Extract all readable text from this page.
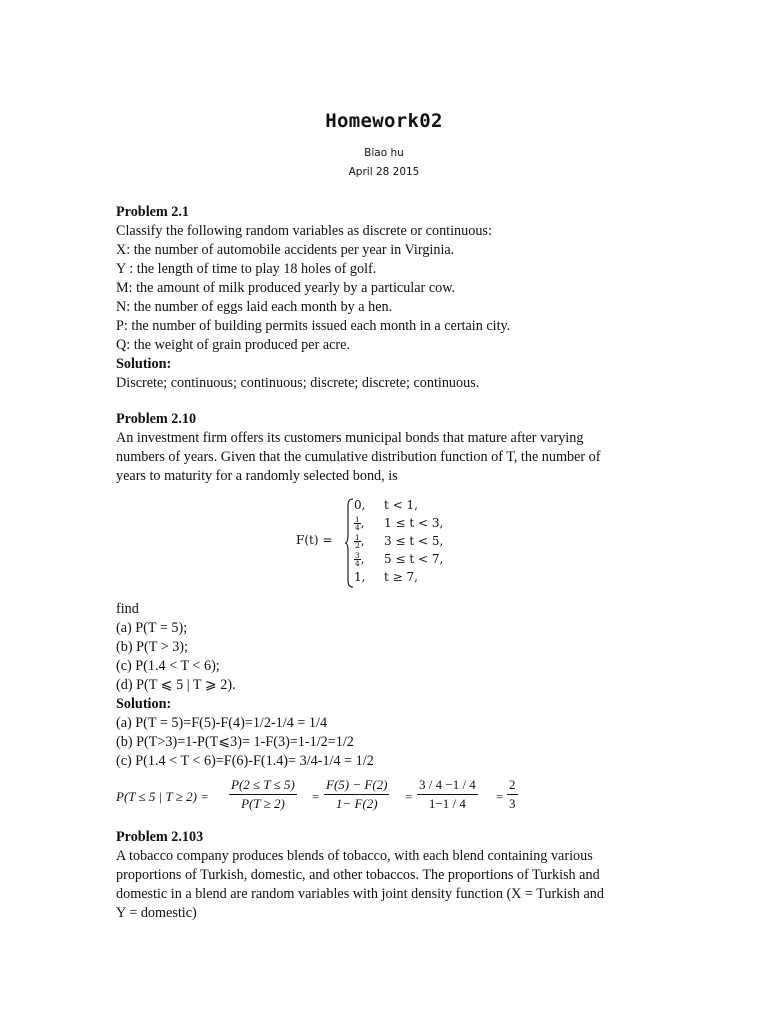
Homework02
Biao hu
April 28 2015
Problem 2.1
Classify the following random variables as discrete or continuous:
X: the number of automobile accidents per year in Virginia.
Y : the length of time to play 18 holes of golf.
M: the amount of milk produced yearly by a particular cow.
N: the number of eggs laid each month by a hen.
P: the number of building permits issued each month in a certain city.
Q: the weight of grain produced per acre.
Solution:
Discrete; continuous; continuous; discrete; discrete; continuous.
Problem 2.10
An investment firm offers its customers municipal bonds that mature after varying
numbers of years. Given that the cumulative distribution function of T, the number of
years to maturity for a randomly selected bond, is
F(t) =
0,	t < 1,
$\frac{1}{4}$ ,	1 ≤ t < 3,
$\frac{1}{2}$ ,	3 ≤ t < 5,
$\frac{3}{4}$ ,	5 ≤ t < 7,
1,	t ≥ 7,
find
(a) P(T = 5);
(b) P(T > 3);
(c) P(1.4 < T < 6);
(d) P(T ⩽ 5 | T ⩾ 2).
Solution:
(a) P(T = 5)=F(5)-F(4)=1/2-1/4 = 1/4
(b) P(T>3)=1-P(T⩽3)= 1-F(3)=1-1/2=1/2
(c) P(1.4 < T < 6)=F(6)-F(1.4)= 3/4-1/4 = 1/2
P(T ≤ 5 | $T \ge 2) = \frac{P(2 \le T \le 5)}{P(T \ge 2)} = \frac{F(5) - F(2)}{1- F(2)} = \frac{3 / 4 -1 / 4}{1-1 / 4} = \frac{2}{3}$
Problem 2.103
A tobacco company produces blends of tobacco, with each blend containing various
proportions of Turkish, domestic, and other tobaccos. The proportions of Turkish and
domestic in a blend are random variables with joint density function (X = Turkish and
Y = domestic)
